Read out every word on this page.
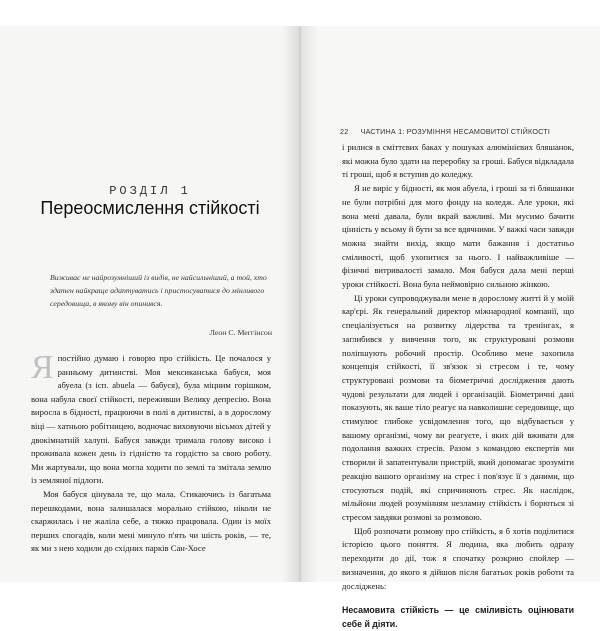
РОЗДІЛ 1
Переосмислення стійкості
Виживає не найрозумніший із видів, не найсильніший, а той, хто здатен найкраще адаптуватись і пристосуватися до мінливого середовища, в якому він опинився.
Леон С. Меггінсон

Япостійно думаю і говорю про стійкість. Це почалося у ранньому дитинстві. Моя мексиканська бабуся, моя абуела (з ісп. abuela — бабуся), була міцним горішком, вона набула своєї стійкості, переживши Велику депресію. Вона виросла в бідності, працюючи в полі в дитинстві, а в дорослому віці — хатньою робітницею, водночас виховуючи вісьмох дітей у двокімнатній халупі. Бабуся завжди тримала голову високо і проживала кожен день із гідністю та гордістю за свою роботу. Ми жартували, що вона могла ходити по землі та змітала землю із земляної підлоги.

Моя бабуся цінувала те, що мала. Стикаючись із багатьма перешкодами, вона залишалася морально стійкою, ніколи не скаржилась і не жаліла себе, а тяжко працювала. Один із моїх перших спогадів, коли мені минуло п'ять чи шість років, — те, як ми з нею ходили до східних парків Сан-Хосе

22 ЧАСТИНА 1: РОЗУМІННЯ НЕСАМОВИТОЇ СТІЙКОСТІ

і рилися в сміттєвих баках у пошуках алюмінієвих бляшанок, які можна було здати на переробку за гроші. Бабуся відкладала ті гроші, щоб я вступив до коледжу.

Я не виріс у бідності, як моя абуела, і гроші за ті бляшанки не були потрібні для мого фонду на коледж. Але уроки, які вона мені давала, були вкрай важливі. Ми мусимо бачити цінність у всьому й бути за все вдячними. У важкі часи завжди можна знайти вихід, якщо мати бажання і достатньо сміливості, щоб ухопитися за нього. І найважливіше — фізичні витривалості замало. Моя бабуся дала мені перші уроки стійкості. Вона була неймовірно сильною жінкою.

Ці уроки супроводжували мене в дорослому житті й у моїй кар'єрі. Як генеральний директор міжнародної компанії, що спеціалізується на розвитку лідерства та тренінгах, я заглибився у вивчення того, як структуровані розмови поліпшують робочий простір. Особливо мене захопила концепція стійкості, її зв'язок зі стресом і те, чому структуровані розмови та біометричні дослідження дають чудові результати для людей і організацій. Біометричні дані показують, як ваше тіло реагує на навколишнє середовище, що стимулює глибоке усвідомлення того, що відбувається у вашому організмі, чому ви реагуєте, і яких дій вживати для подолання важких стресів. Разом з командою експертів ми створили й запатентували пристрій, який допомагає зрозуміти реакцію вашого організму на стрес і пов'язує її з даними, що стосуються подій, які спричиняють стрес. Як наслідок, мільйони людей розумінням незламну стійкість і борються зі стресом завдяки розмові за розмовою.

Щоб розпочати розмову про стійкість, я б хотів поділитися історією цього поняття. Я людина, яка любить одразу переходити до дії, тож я спочатку розкрию спойлер — визначення, до якого я дійшов після багатьох років роботи та досліджень:

Несамовита стійкість — це сміливість оцінювати себе й діяти.
